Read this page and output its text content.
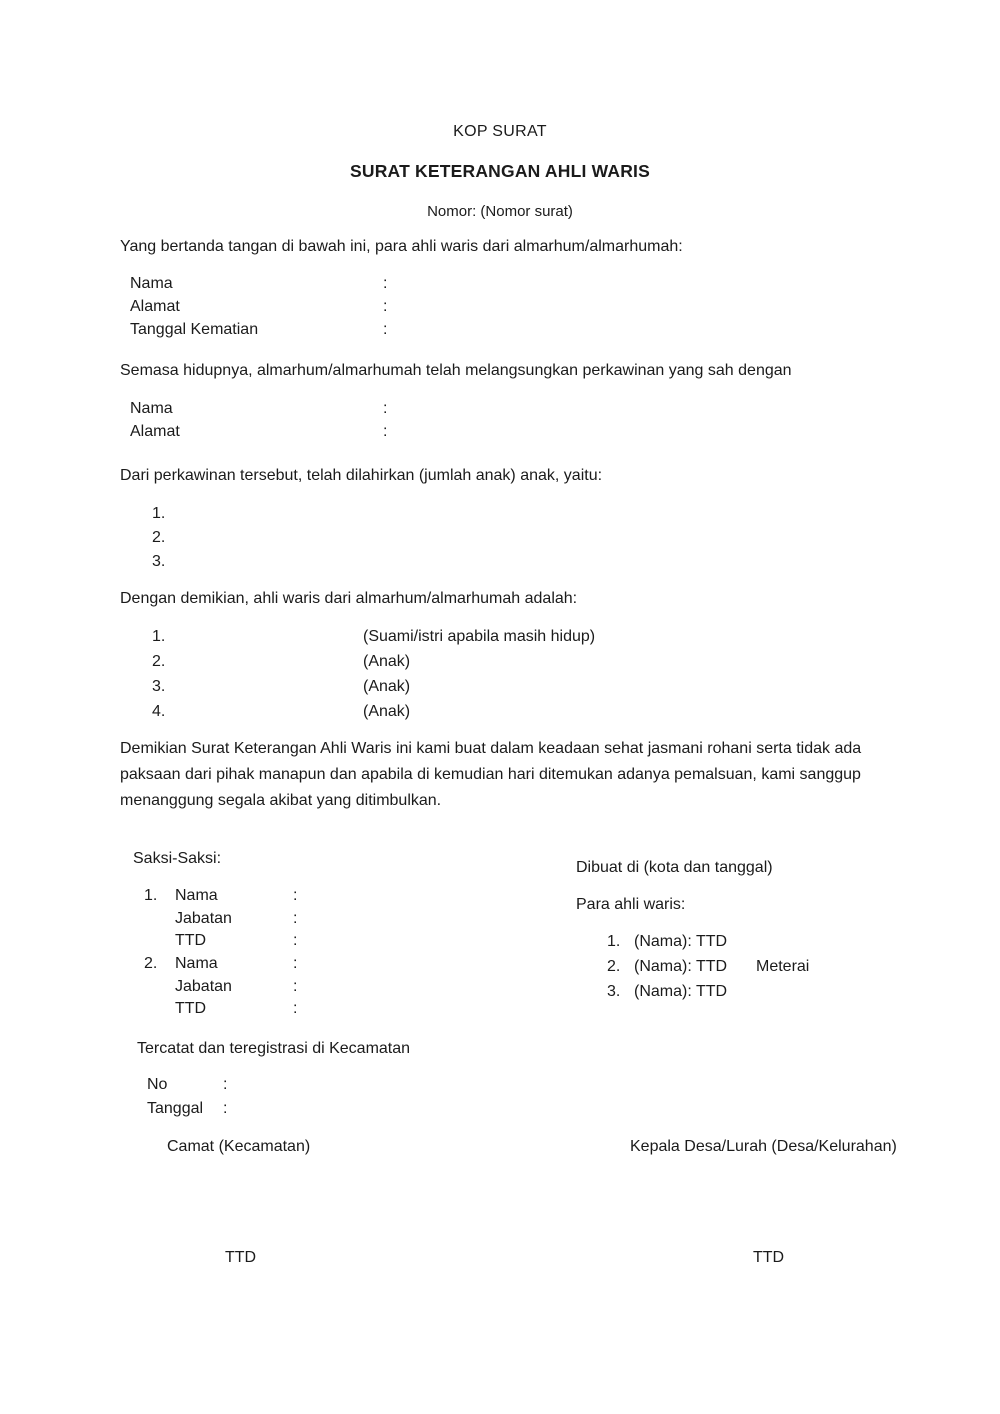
KOP SURAT
SURAT KETERANGAN AHLI WARIS
Nomor: (Nomor surat)

Yang bertanda tangan di bawah ini, para ahli waris dari almarhum/almarhumah:

Nama	:
Alamat	:
Tanggal Kematian	:

Semasa hidupnya, almarhum/almarhumah telah melangsungkan perkawinan yang sah dengan

Nama	:
Alamat	:

Dari perkawinan tersebut, telah dilahirkan (jumlah anak) anak, yaitu:

1.
2.
3.

Dengan demikian, ahli waris dari almarhum/almarhumah adalah:

1.	(Suami/istri apabila masih hidup)
2.	(Anak)
3.	(Anak)
4.	(Anak)

Demikian Surat Keterangan Ahli Waris ini kami buat dalam keadaan sehat jasmani rohani serta tidak ada paksaan dari pihak manapun dan apabila di kemudian hari ditemukan adanya pemalsuan, kami sanggup menanggung segala akibat yang ditimbulkan.

Saksi-Saksi:
1.	Nama	:
Jabatan	:
TTD	:
2.	Nama	:
Jabatan	:
TTD	:
Dibuat di (kota dan tanggal)
Para ahli waris:
1. (Nama): TTD
2. (Nama): TTD	Meterai
3. (Nama): TTD
Tercatat dan teregistrasi di Kecamatan
No	:
Tanggal	:
Camat (Kecamatan)	Kepala Desa/Lurah (Desa/Kelurahan)
TTD	TTD
